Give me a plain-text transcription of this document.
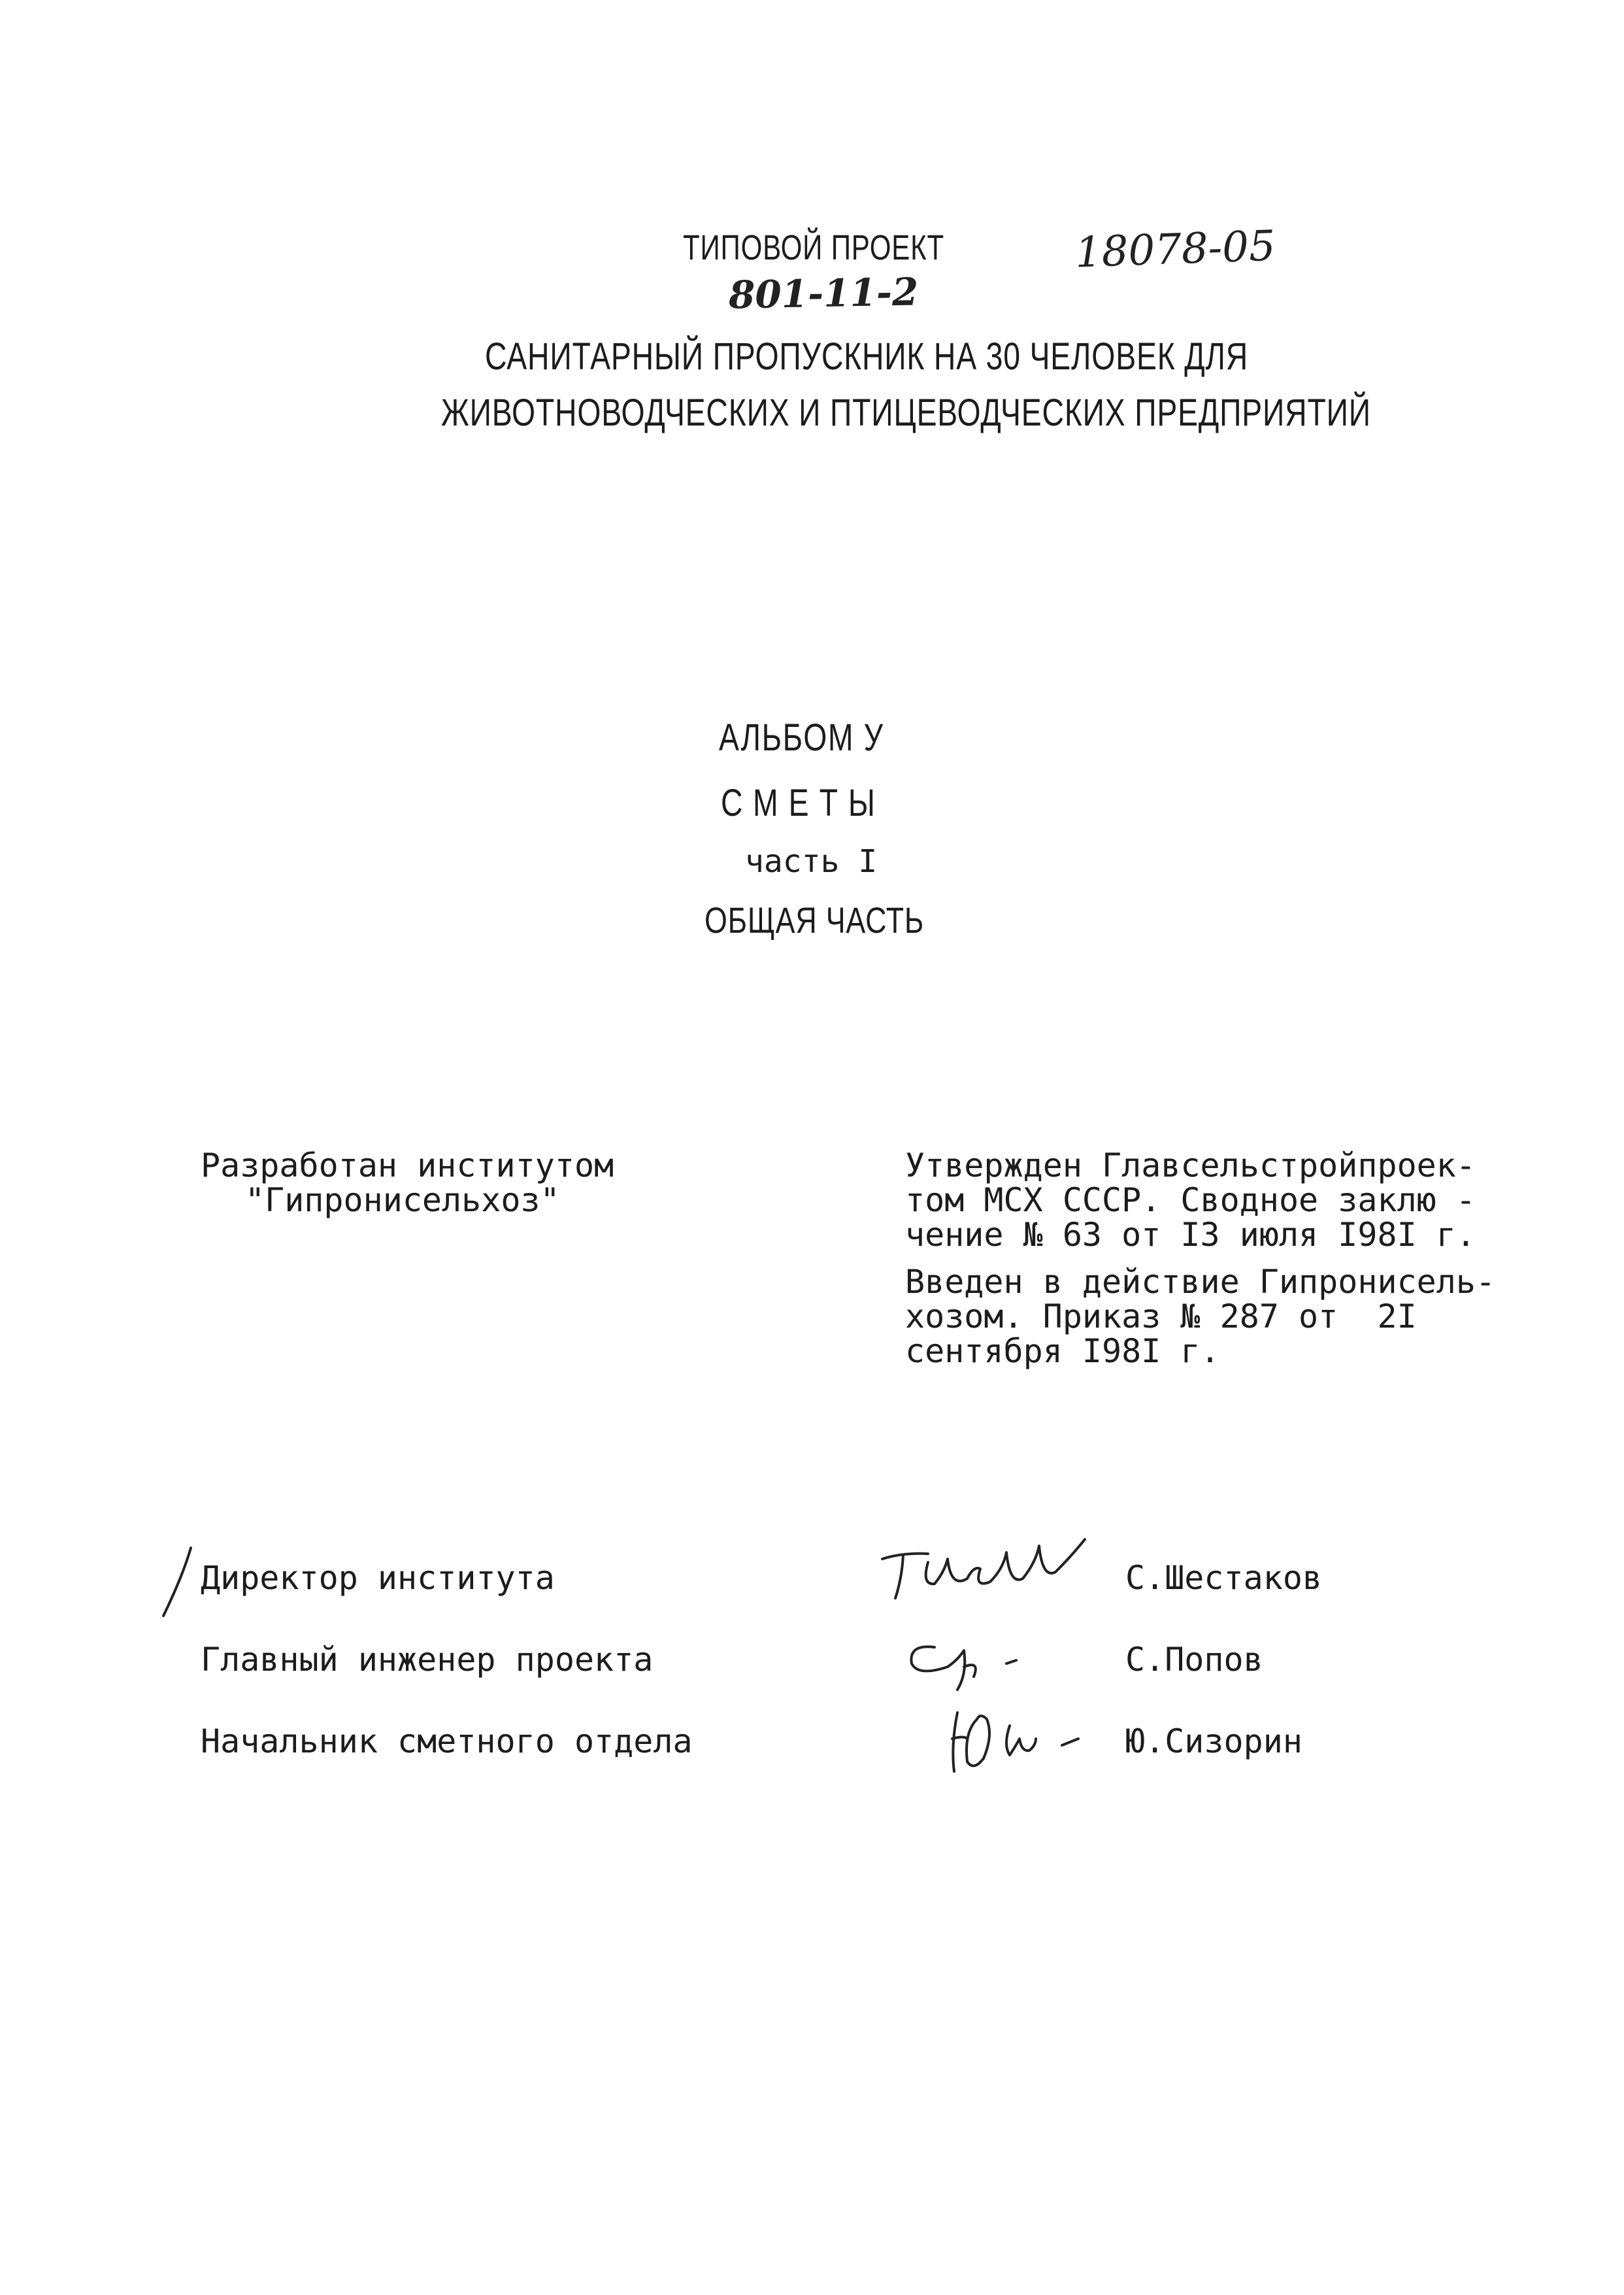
ТИПОВОЙ ПРОЕКТ	18078-05
801-11-2
САНИТАРНЫЙ ПРОПУСКНИК НА 30 ЧЕЛОВЕК ДЛЯ
ЖИВОТНОВОДЧЕСКИХ И ПТИЦЕВОДЧЕСКИХ ПРЕДПРИЯТИЙ
АЛЬБОМ У
СМЕТЫ
часть I
ОБЩАЯ ЧАСТЬ
Разработан институтом
"Гипронисельхоз"
Утвержден Главсельстройпроек-
том МСХ СССР. Сводное заклю -
чение № 63 от I3 июля I98I г.
Введен в действие Гипронисель-
хозом. Приказ № 287 от  2I
сентября I98I г.
Директор института
Главный инженер проекта
Начальник сметного отдела
С.Шестаков
С.Попов
Ю.Сизорин
